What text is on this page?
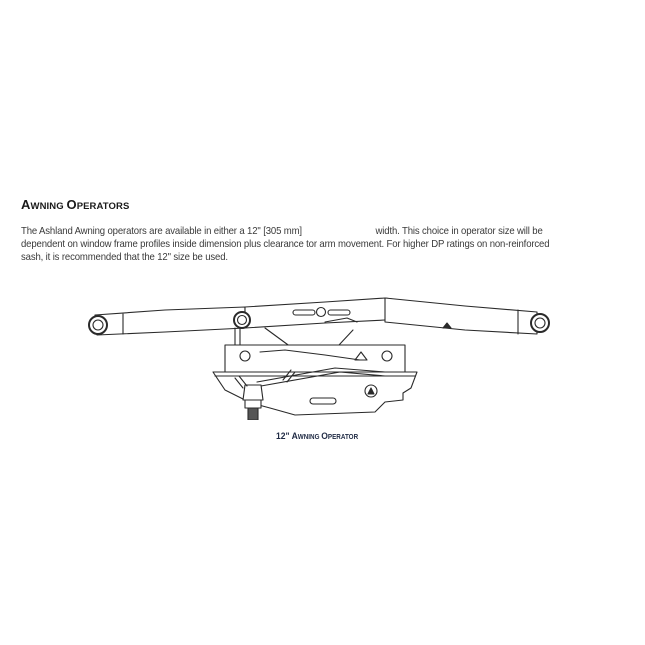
AWNING OPERATORS
The Ashland Awning operators are available in either a 12" [305 mm]	width. This choice in operator size will be
dependent on window frame profiles inside dimension plus clearance tor arm movement. For higher DP ratings on non-reinforced
sash, it is recommended that the 12" size be used.
12" AWNING OPERATOR
